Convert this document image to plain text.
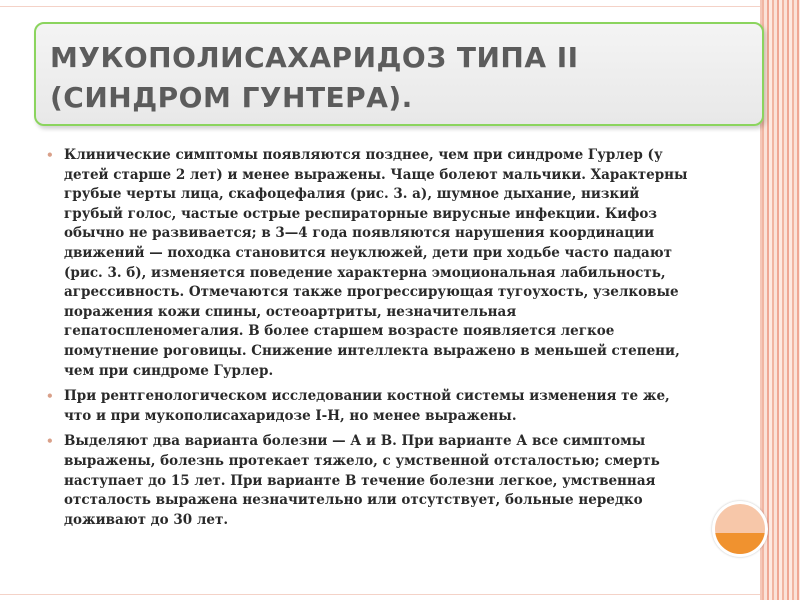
МУКОПОЛИСАХАРИДОЗ ТИПА II (СИНДРОМ ГУНТЕРА).
• Клинические симптомы появляются позднее, чем при синдроме Гурлер (у детей старше 2 лет) и менее выражены. Чаще болеют мальчики. Характерны грубые черты лица, скафоцефалия (рис. 3. а), шумное дыхание, низкий грубый голос, частые острые респираторные вирусные инфекции. Кифоз обычно не развивается; в 3—4 года появляются нарушения координации движений — походка становится неуклюжей, дети при ходьбе часто падают (рис. 3. б), изменяется поведение характерна эмоциональная лабильность, агрессивность. Отмечаются также прогрессирующая тугоухость, узелковые поражения кожи спины, остеоартриты, незначительная гепатоспленомегалия. В более старшем возрасте появляется легкое помутнение роговицы. Снижение интеллекта выражено в меньшей степени, чем при синдроме Гурлер.
• При рентгенологическом исследовании костной системы изменения те же, что и при мукополисахаридозе I-H, но менее выражены.
• Выделяют два варианта болезни — А и В. При варианте А все симптомы выражены, болезнь протекает тяжело, с умственной отсталостью; смерть наступает до 15 лет. При варианте В течение болезни легкое, умственная отсталость выражена незначительно или отсутствует, больные нередко доживают до 30 лет.
